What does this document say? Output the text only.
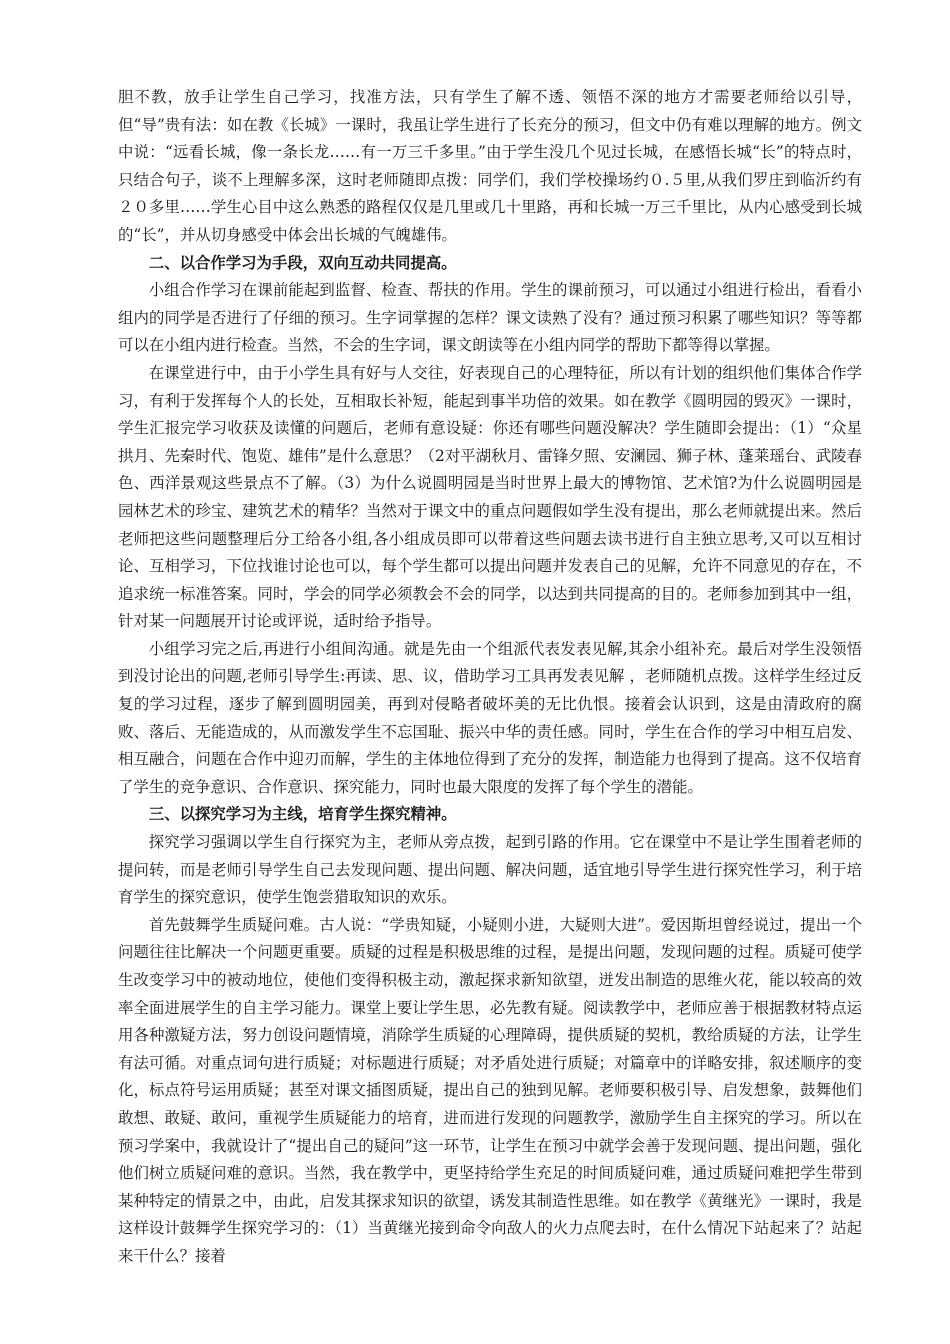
胆不教，放手让学生自己学习，找准方法，只有学生了解不透、领悟不深的地方才需要老师给以引导，但“导”贵有法：如在教《长城》一课时，我虽让学生进行了长充分的预习，但文中仍有难以理解的地方。例文中说：“远看长城，像一条长龙……有一万三千多里。”由于学生没几个见过长城，在感悟长城“长”的特点时，只结合句子，谈不上理解多深，这时老师随即点拨：同学们，我们学校操场约０.５里,从我们罗庄到临沂约有２０多里……学生心目中这么熟悉的路程仅仅是几里或几十里路，再和长城一万三千里比，从内心感受到长城的“长”，并从切身感受中体会出长城的气魄雄伟。

二、以合作学习为手段，双向互动共同提高。

小组合作学习在课前能起到监督、检查、帮扶的作用。学生的课前预习，可以通过小组进行检出，看看小组内的同学是否进行了仔细的预习。生字词掌握的怎样？课文读熟了没有？通过预习积累了哪些知识？等等都可以在小组内进行检查。当然，不会的生字词，课文朗读等在小组内同学的帮助下都等得以掌握。

在课堂进行中，由于小学生具有好与人交往，好表现自己的心理特征，所以有计划的组织他们集体合作学习，有利于发挥每个人的长处，互相取长补短，能起到事半功倍的效果。如在教学《圆明园的毁灭》一课时，学生汇报完学习收获及读懂的问题后，老师有意设疑：你还有哪些问题没解决？学生随即会提出：（1）“众星拱月、先秦时代、饱览、雄伟”是什么意思？（2对平湖秋月、雷锋夕照、安澜园、狮子林、蓬莱瑶台、武陵春色、西洋景观这些景点不了解。（3）为什么说圆明园是当时世界上最大的博物馆、艺术馆?为什么说圆明园是园林艺术的珍宝、建筑艺术的精华？当然对于课文中的重点问题假如学生没有提出，那么老师就提出来。然后老师把这些问题整理后分工给各小组,各小组成员即可以带着这些问题去读书进行自主独立思考,又可以互相讨论、互相学习，下位找谁讨论也可以，每个学生都可以提出问题并发表自己的见解，允许不同意见的存在，不追求统一标准答案。同时，学会的同学必须教会不会的同学，以达到共同提高的目的。老师参加到其中一组，针对某一问题展开讨论或评说，适时给予指导。

小组学习完之后,再进行小组间沟通。就是先由一个组派代表发表见解,其余小组补充。最后对学生没领悟到没讨论出的问题,老师引导学生:再读、思、议，借助学习工具再发表见解 ，老师随机点拨。这样学生经过反复的学习过程，逐步了解到圆明园美，再到对侵略者破坏美的无比仇恨。接着会认识到，这是由清政府的腐败、落后、无能造成的，从而激发学生不忘国耻、振兴中华的责任感。同时，学生在合作的学习中相互启发、相互融合，问题在合作中迎刃而解，学生的主体地位得到了充分的发挥，制造能力也得到了提高。这不仅培育了学生的竞争意识、合作意识、探究能力，同时也最大限度的发挥了每个学生的潜能。

三、以探究学习为主线，培育学生探究精神。

探究学习强调以学生自行探究为主，老师从旁点拨，起到引路的作用。它在课堂中不是让学生围着老师的提问转，而是老师引导学生自己去发现问题、提出问题、解决问题，适宜地引导学生进行探究性学习，利于培育学生的探究意识，使学生饱尝猎取知识的欢乐。

首先鼓舞学生质疑问难。古人说：“学贵知疑，小疑则小进，大疑则大进”。爱因斯坦曾经说过，提出一个问题往往比解决一个问题更重要。质疑的过程是积极思维的过程，是提出问题，发现问题的过程。质疑可使学生改变学习中的被动地位，使他们变得积极主动，激起探求新知欲望，迸发出制造的思维火花，能以较高的效率全面进展学生的自主学习能力。课堂上要让学生思，必先教有疑。阅读教学中，老师应善于根据教材特点运用各种激疑方法，努力创设问题情境，消除学生质疑的心理障碍，提供质疑的契机，教给质疑的方法，让学生有法可循。对重点词句进行质疑；对标题进行质疑；对矛盾处进行质疑；对篇章中的详略安排，叙述顺序的变化，标点符号运用质疑；甚至对课文插图质疑，提出自己的独到见解。老师要积极引导、启发想象，鼓舞他们敢想、敢疑、敢问，重视学生质疑能力的培育，进而进行发现的问题教学，激励学生自主探究的学习。所以在预习学案中，我就设计了“提出自己的疑问”这一环节，让学生在预习中就学会善于发现问题、提出问题，强化他们树立质疑问难的意识。当然，我在教学中，更坚持给学生充足的时间质疑问难，通过质疑问难把学生带到某种特定的情景之中，由此，启发其探求知识的欲望，诱发其制造性思维。如在教学《黄继光》一课时，我是这样设计鼓舞学生探究学习的：（1）当黄继光接到命令向敌人的火力点爬去时，在什么情况下站起来了？站起来干什么？接着
